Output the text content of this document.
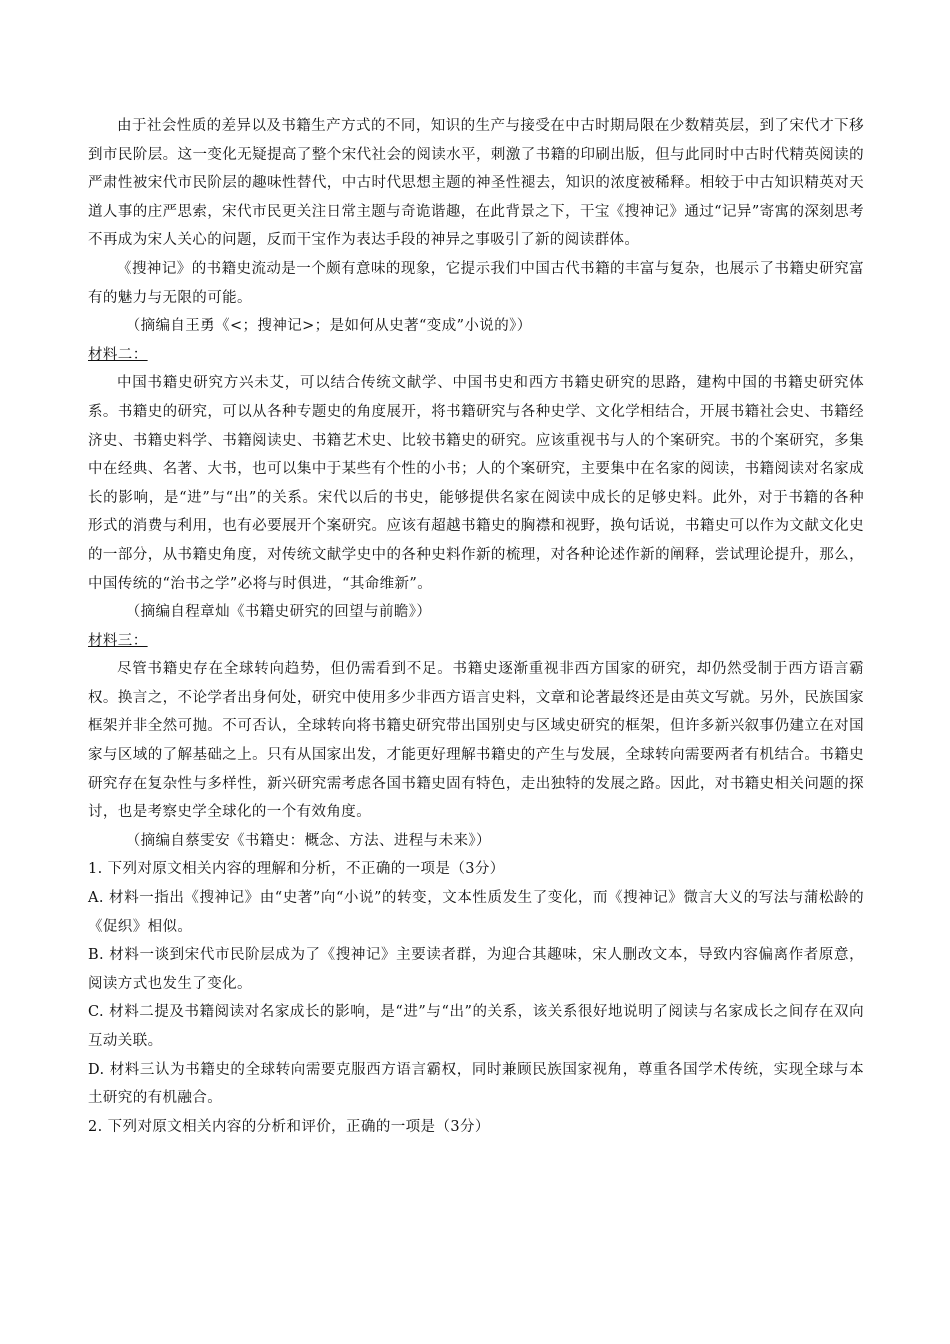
由于社会性质的差异以及书籍生产方式的不同，知识的生产与接受在中古时期局限在少数精英层，到了宋代才下移到市民阶层。这一变化无疑提高了整个宋代社会的阅读水平，刺激了书籍的印刷出版，但与此同时中古时代精英阅读的严肃性被宋代市民阶层的趣味性替代，中古时代思想主题的神圣性褪去，知识的浓度被稀释。相较于中古知识精英对天道人事的庄严思索，宋代市民更关注日常主题与奇诡谐趣，在此背景之下，干宝《搜神记》通过“记异”寄寓的深刻思考不再成为宋人关心的问题，反而干宝作为表达手段的神异之事吸引了新的阅读群体。

《搜神记》的书籍史流动是一个颇有意味的现象，它提示我们中国古代书籍的丰富与复杂，也展示了书籍史研究富有的魅力与无限的可能。

（摘编自王勇《<；搜神记>；是如何从史著“变成”小说的》）

材料二：

中国书籍史研究方兴未艾，可以结合传统文献学、中国书史和西方书籍史研究的思路，建构中国的书籍史研究体系。书籍史的研究，可以从各种专题史的角度展开，将书籍研究与各种史学、文化学相结合，开展书籍社会史、书籍经济史、书籍史料学、书籍阅读史、书籍艺术史、比较书籍史的研究。应该重视书与人的个案研究。书的个案研究，多集中在经典、名著、大书，也可以集中于某些有个性的小书；人的个案研究，主要集中在名家的阅读，书籍阅读对名家成长的影响，是“进”与“出”的关系。宋代以后的书史，能够提供名家在阅读中成长的足够史料。此外，对于书籍的各种形式的消费与利用，也有必要展开个案研究。应该有超越书籍史的胸襟和视野，换句话说，书籍史可以作为文献文化史的一部分，从书籍史角度，对传统文献学史中的各种史料作新的梳理，对各种论述作新的阐释，尝试理论提升，那么，中国传统的“治书之学”必将与时俱进，“其命维新”。

（摘编自程章灿《书籍史研究的回望与前瞻》）

材料三：

尽管书籍史存在全球转向趋势，但仍需看到不足。书籍史逐渐重视非西方国家的研究，却仍然受制于西方语言霸权。换言之，不论学者出身何处，研究中使用多少非西方语言史料，文章和论著最终还是由英文写就。另外，民族国家框架并非全然可抛。不可否认，全球转向将书籍史研究带出国别史与区域史研究的框架，但许多新兴叙事仍建立在对国家与区域的了解基础之上。只有从国家出发，才能更好理解书籍史的产生与发展，全球转向需要两者有机结合。书籍史研究存在复杂性与多样性，新兴研究需考虑各国书籍史固有特色，走出独特的发展之路。因此，对书籍史相关问题的探讨，也是考察史学全球化的一个有效角度。

（摘编自蔡雯安《书籍史：概念、方法、进程与未来》）

1. 下列对原文相关内容的理解和分析，不正确的一项是（3分）

A. 材料一指出《搜神记》由“史著”向“小说”的转变，文本性质发生了变化，而《搜神记》微言大义的写法与蒲松龄的《促织》相似。

B. 材料一谈到宋代市民阶层成为了《搜神记》主要读者群，为迎合其趣味，宋人删改文本，导致内容偏离作者原意，阅读方式也发生了变化。

C. 材料二提及书籍阅读对名家成长的影响，是“进”与“出”的关系，该关系很好地说明了阅读与名家成长之间存在双向互动关联。

D. 材料三认为书籍史的全球转向需要克服西方语言霸权，同时兼顾民族国家视角，尊重各国学术传统，实现全球与本土研究的有机融合。

2. 下列对原文相关内容的分析和评价，正确的一项是（3分）
